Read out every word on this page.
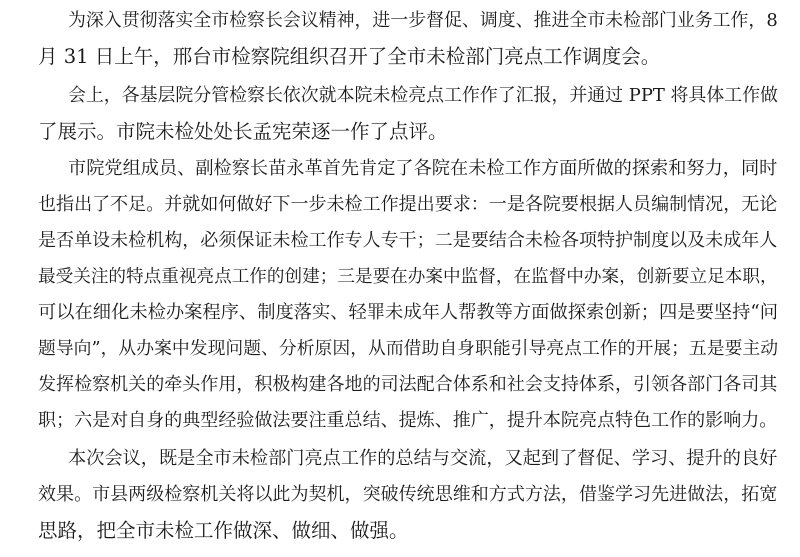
为深入贯彻落实全市检察长会议精神，进一步督促、调度、推进全市未检部门业务工作，8
月 31 日上午，邢台市检察院组织召开了全市未检部门亮点工作调度会。
会上，各基层院分管检察长依次就本院未检亮点工作作了汇报，并通过 PPT 将具体工作做
了展示。市院未检处处长孟宪荣逐一作了点评。
市院党组成员、副检察长苗永革首先肯定了各院在未检工作方面所做的探索和努力，同时
也指出了不足。并就如何做好下一步未检工作提出要求：一是各院要根据人员编制情况，无论
是否单设未检机构，必须保证未检工作专人专干；二是要结合未检各项特护制度以及未成年人
最受关注的特点重视亮点工作的创建；三是要在办案中监督，在监督中办案，创新要立足本职，
可以在细化未检办案程序、制度落实、轻罪未成年人帮教等方面做探索创新；四是要坚持“问
题导向”，从办案中发现问题、分析原因，从而借助自身职能引导亮点工作的开展；五是要主动
发挥检察机关的牵头作用，积极构建各地的司法配合体系和社会支持体系，引领各部门各司其
职；六是对自身的典型经验做法要注重总结、提炼、推广，提升本院亮点特色工作的影响力。
本次会议，既是全市未检部门亮点工作的总结与交流，又起到了督促、学习、提升的良好
效果。市县两级检察机关将以此为契机，突破传统思维和方式方法，借鉴学习先进做法，拓宽
思路，把全市未检工作做深、做细、做强。
